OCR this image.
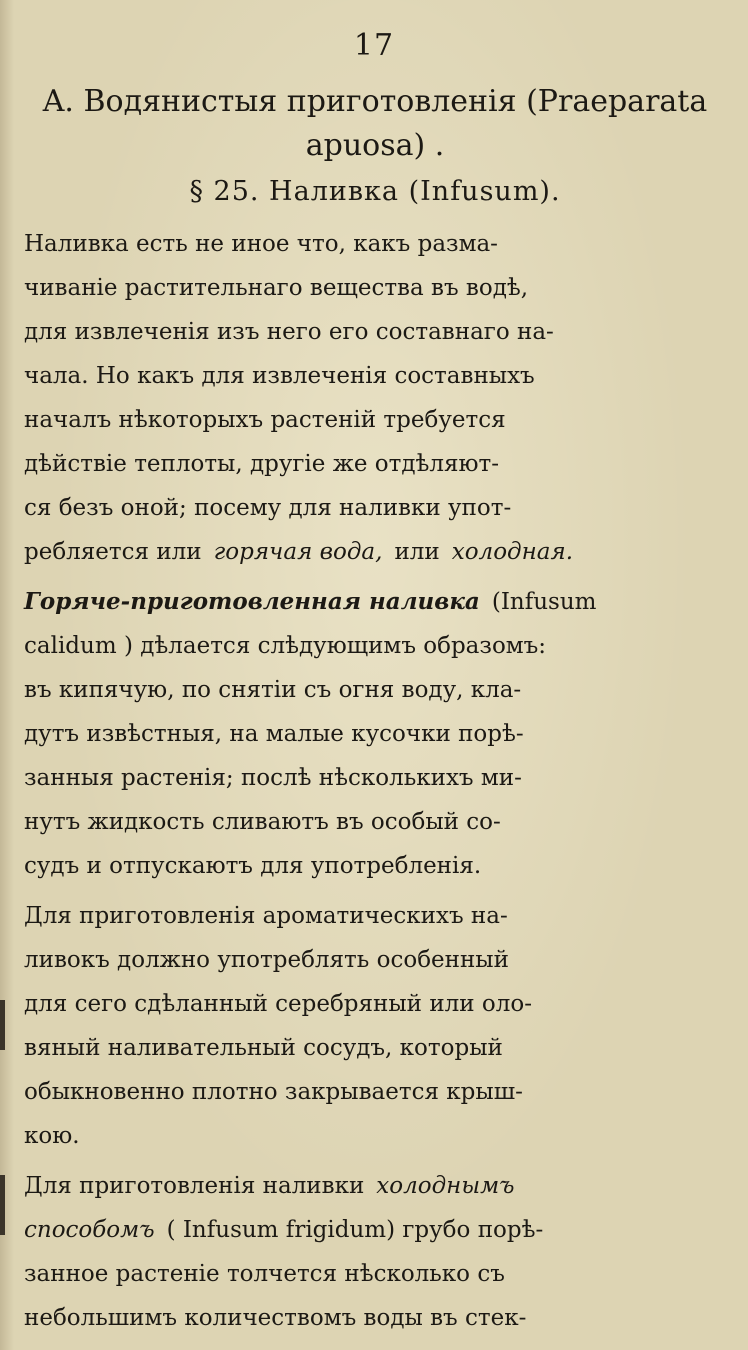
17
A. Водянистыя приготовленія (Praeparata
apuosa) .
§ 25. Наливка (Infusum).
Наливка есть не иное что, какъ разма-
чиваніе растительнаго вещества въ водѣ,
для извлеченія изъ него его составнаго на-
чала. Но какъ для извлеченія составныхъ
началъ нѣкоторыхъ растеній требуется
дѣйствіе теплоты, другіе же отдѣляют-
ся безъ оной; посему для наливки упот-
ребляется или горячая вода, или холодная.
Горяче-приготовленная наливка (Infusum
calidum ) дѣлается слѣдующимъ образомъ:
въ кипячую, по снятіи съ огня воду, кла-
дутъ извѣстныя, на малые кусочки порѣ-
занныя растенія; послѣ нѣсколькихъ ми-
нутъ жидкость сливаютъ въ особый со-
судъ и отпускаютъ для употребленія.
Для приготовленія ароматическихъ на-
ливокъ должно употреблять особенный
для сего сдѣланный серебряный или оло-
вяный наливательный сосудъ, который
обыкновенно плотно закрывается крыш-
кою.
Для приготовленія наливки холоднымъ
способомъ ( Infusum frigidum) грубо порѣ-
занное растеніе толчется нѣсколько съ
небольшимъ количествомъ воды въ стек-
